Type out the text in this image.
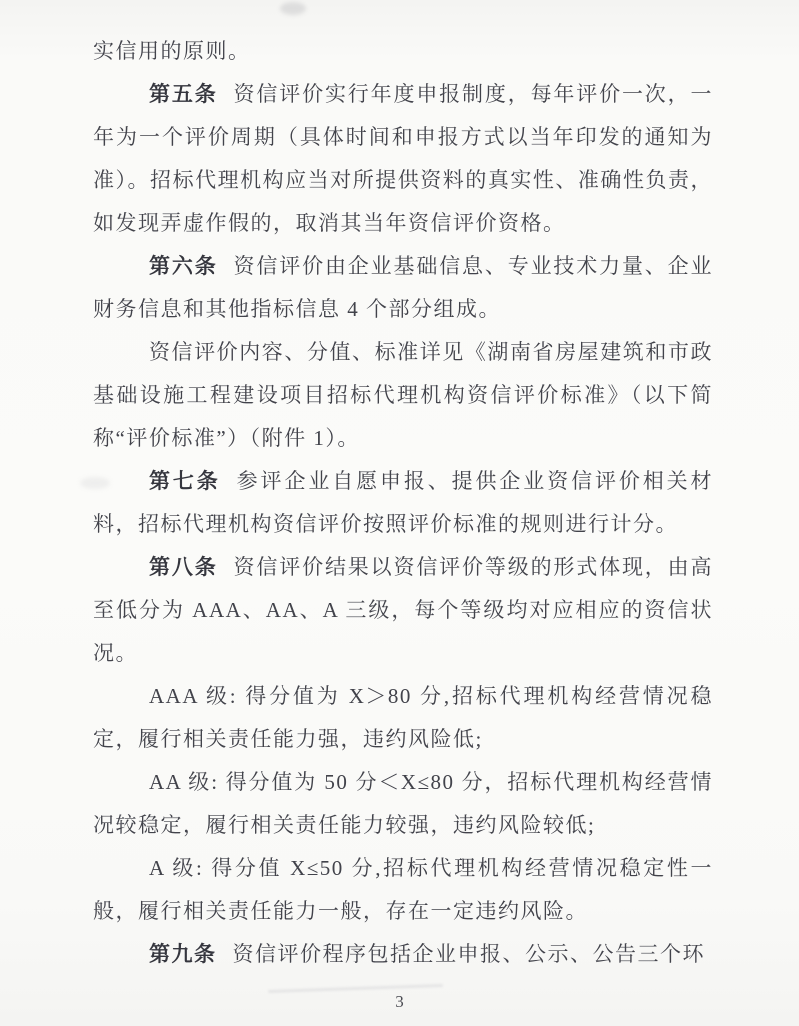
实信用的原则。

第五条 资信评价实行年度申报制度，每年评价一次，一年为一个评价周期（具体时间和申报方式以当年印发的通知为准）。招标代理机构应当对所提供资料的真实性、准确性负责，如发现弄虚作假的，取消其当年资信评价资格。

第六条 资信评价由企业基础信息、专业技术力量、企业财务信息和其他指标信息 4 个部分组成。

资信评价内容、分值、标准详见《湖南省房屋建筑和市政基础设施工程建设项目招标代理机构资信评价标准》（以下简称“评价标准”）（附件 1）。

第七条 参评企业自愿申报、提供企业资信评价相关材料，招标代理机构资信评价按照评价标准的规则进行计分。

第八条 资信评价结果以资信评价等级的形式体现，由高至低分为 AAA、AA、A 三级，每个等级均对应相应的资信状况。

AAA 级: 得分值为 X＞80 分,招标代理机构经营情况稳定，履行相关责任能力强，违约风险低;

AA 级: 得分值为 50 分＜X≤80 分，招标代理机构经营情况较稳定，履行相关责任能力较强，违约风险较低;

A 级: 得分值 X≤50 分,招标代理机构经营情况稳定性一般，履行相关责任能力一般，存在一定违约风险。

第九条 资信评价程序包括企业申报、公示、公告三个环

3
